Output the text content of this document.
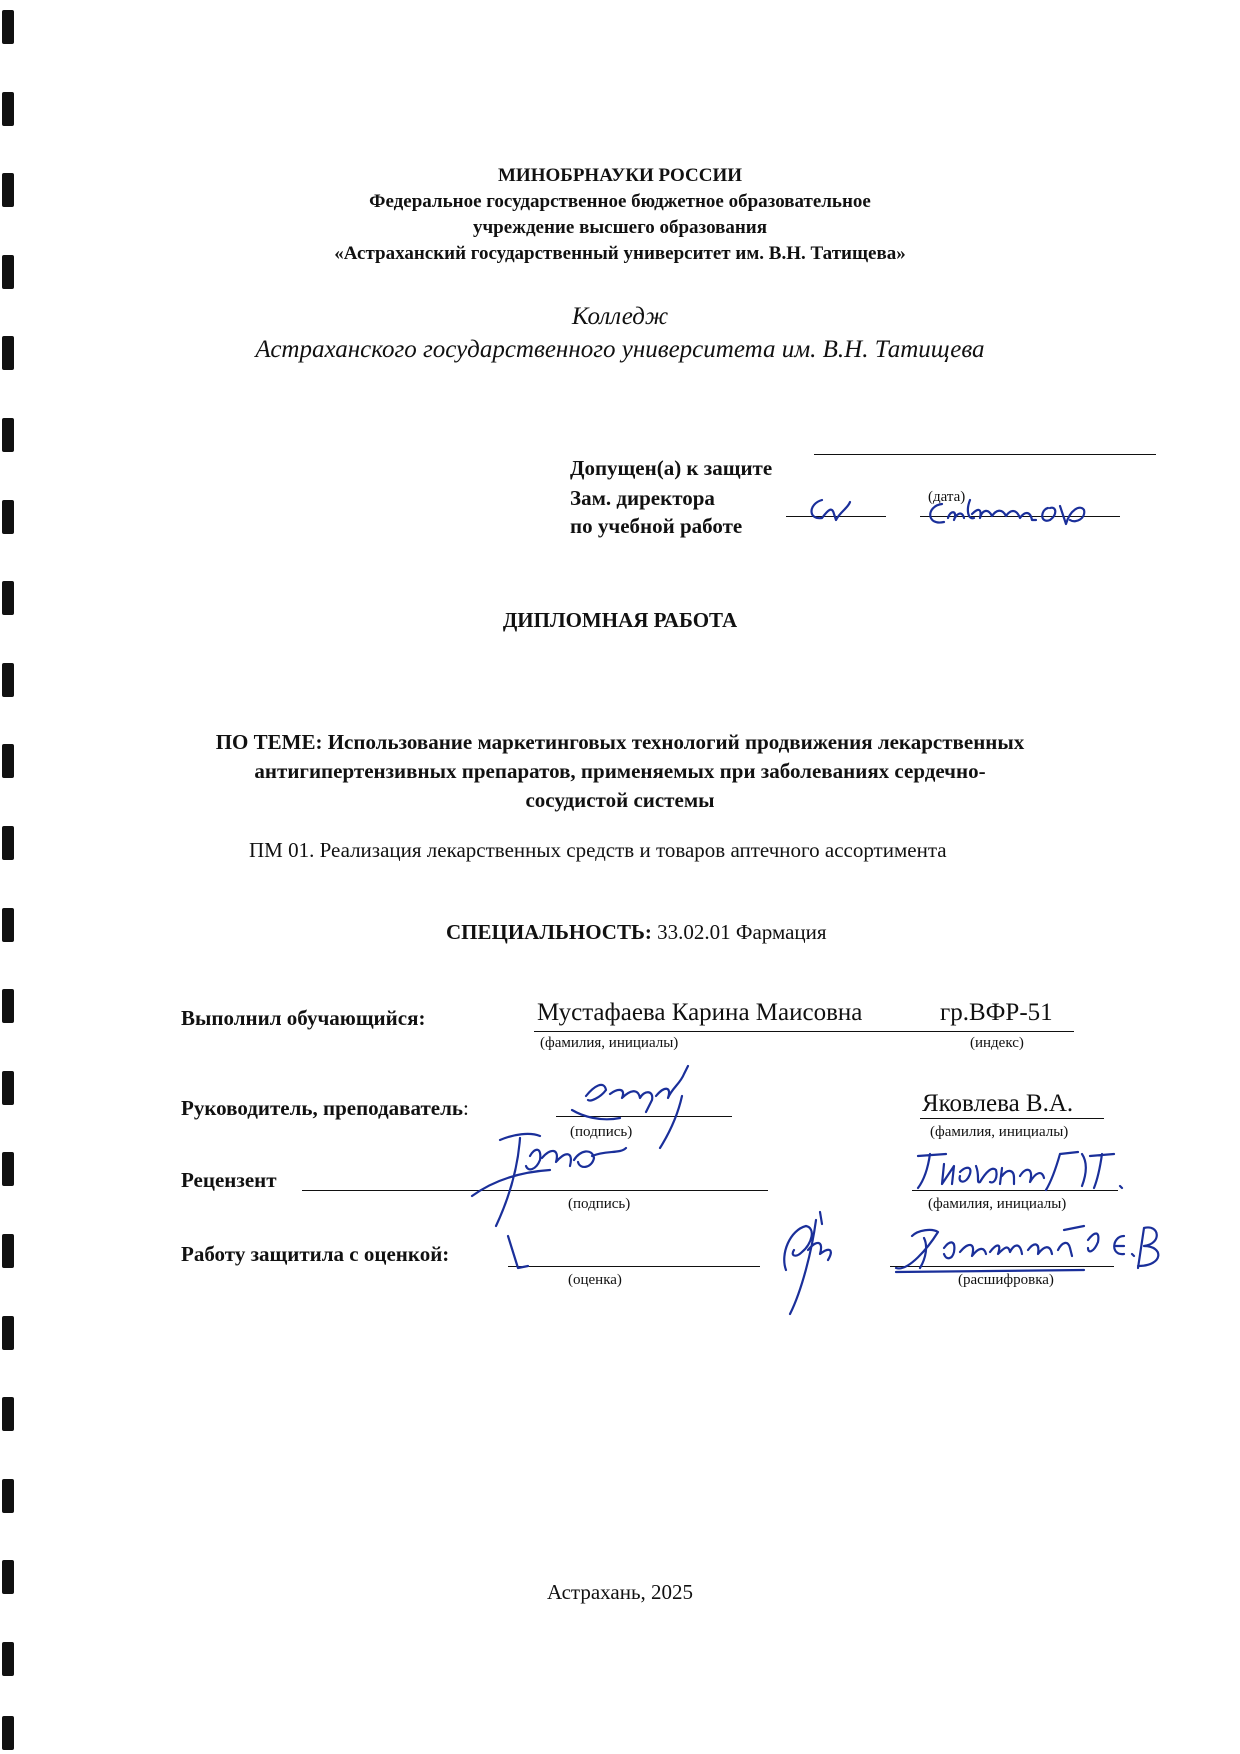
МИНОБРНАУКИ РОССИИ
Федеральное государственное бюджетное образовательное
учреждение высшего образования
«Астраханский государственный университет им. В.Н. Татищева»
Колледж
Астраханского государственного университета им. В.Н. Татищева
Допущен(а) к защите
Зам. директора	(дата)
по учебной работе
ДИПЛОМНАЯ РАБОТА
ПО ТЕМЕ: Использование маркетинговых технологий продвижения лекарственных
антигипертензивных препаратов, применяемых при заболеваниях сердечно-
сосудистой системы
ПМ 01. Реализация лекарственных средств и товаров аптечного ассортимента
СПЕЦИАЛЬНОСТЬ: 33.02.01 Фармация
Выполнил обучающийся:	Мустафаева Карина Маисовна	гр.ВФР-51
(фамилия, инициалы)	(индекс)
Руководитель, преподаватель:	Яковлева В.А.
(подпись)	(фамилия, инициалы)
Рецензент
(подпись)	(фамилия, инициалы)
Работу защитила с оценкой:
(оценка)	(расшифровка)
Астрахань, 2025
